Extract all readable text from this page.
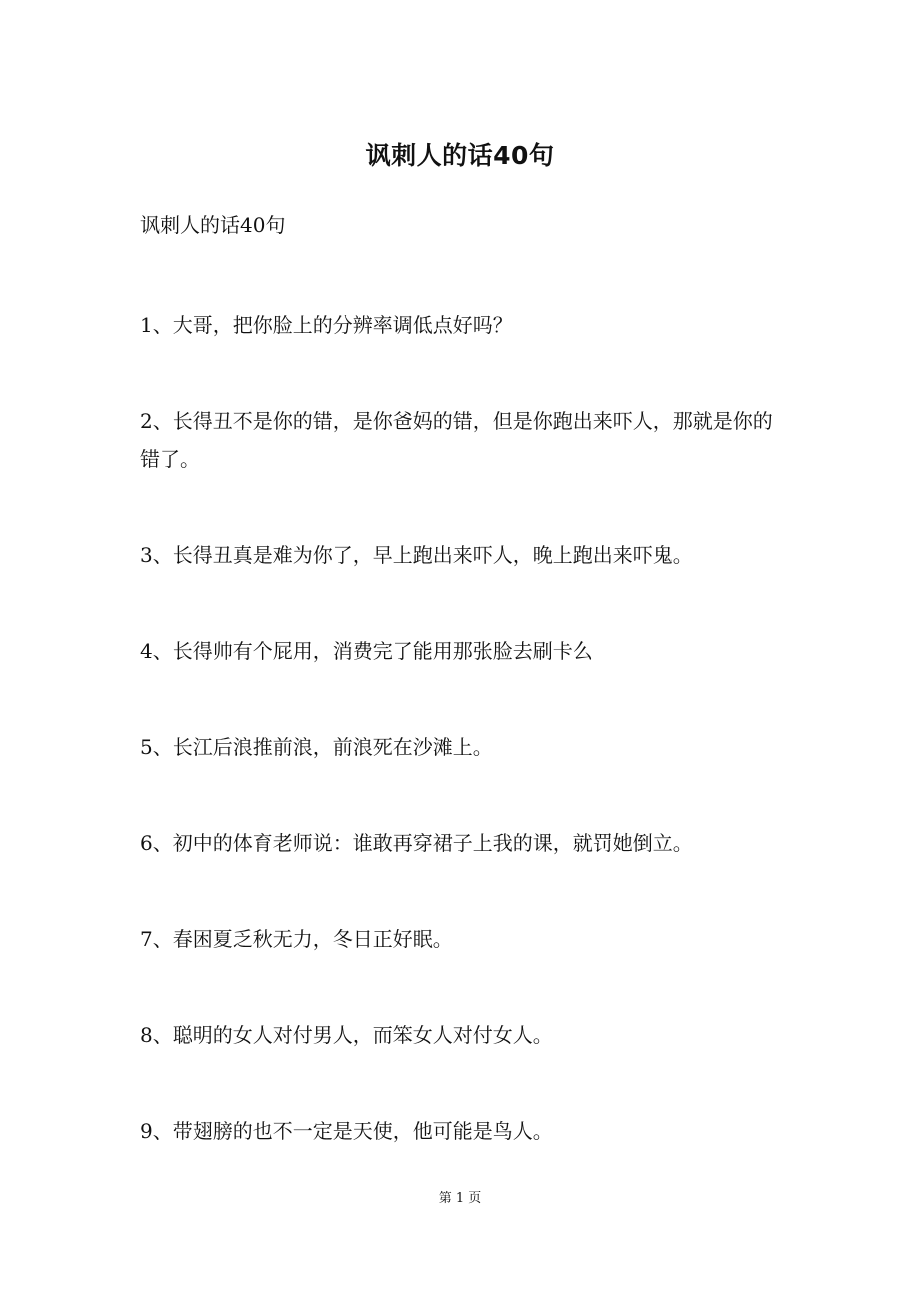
讽刺人的话40句
讽刺人的话40句

1、大哥，把你脸上的分辨率调低点好吗？

2、长得丑不是你的错，是你爸妈的错，但是你跑出来吓人，那就是你的错了。

3、长得丑真是难为你了，早上跑出来吓人，晚上跑出来吓鬼。

4、长得帅有个屁用，消费完了能用那张脸去刷卡么

5、长江后浪推前浪，前浪死在沙滩上。

6、初中的体育老师说：谁敢再穿裙子上我的课，就罚她倒立。

7、春困夏乏秋无力，冬日正好眠。

8、聪明的女人对付男人，而笨女人对付女人。

9、带翅膀的也不一定是天使，他可能是鸟人。

第 1 页
